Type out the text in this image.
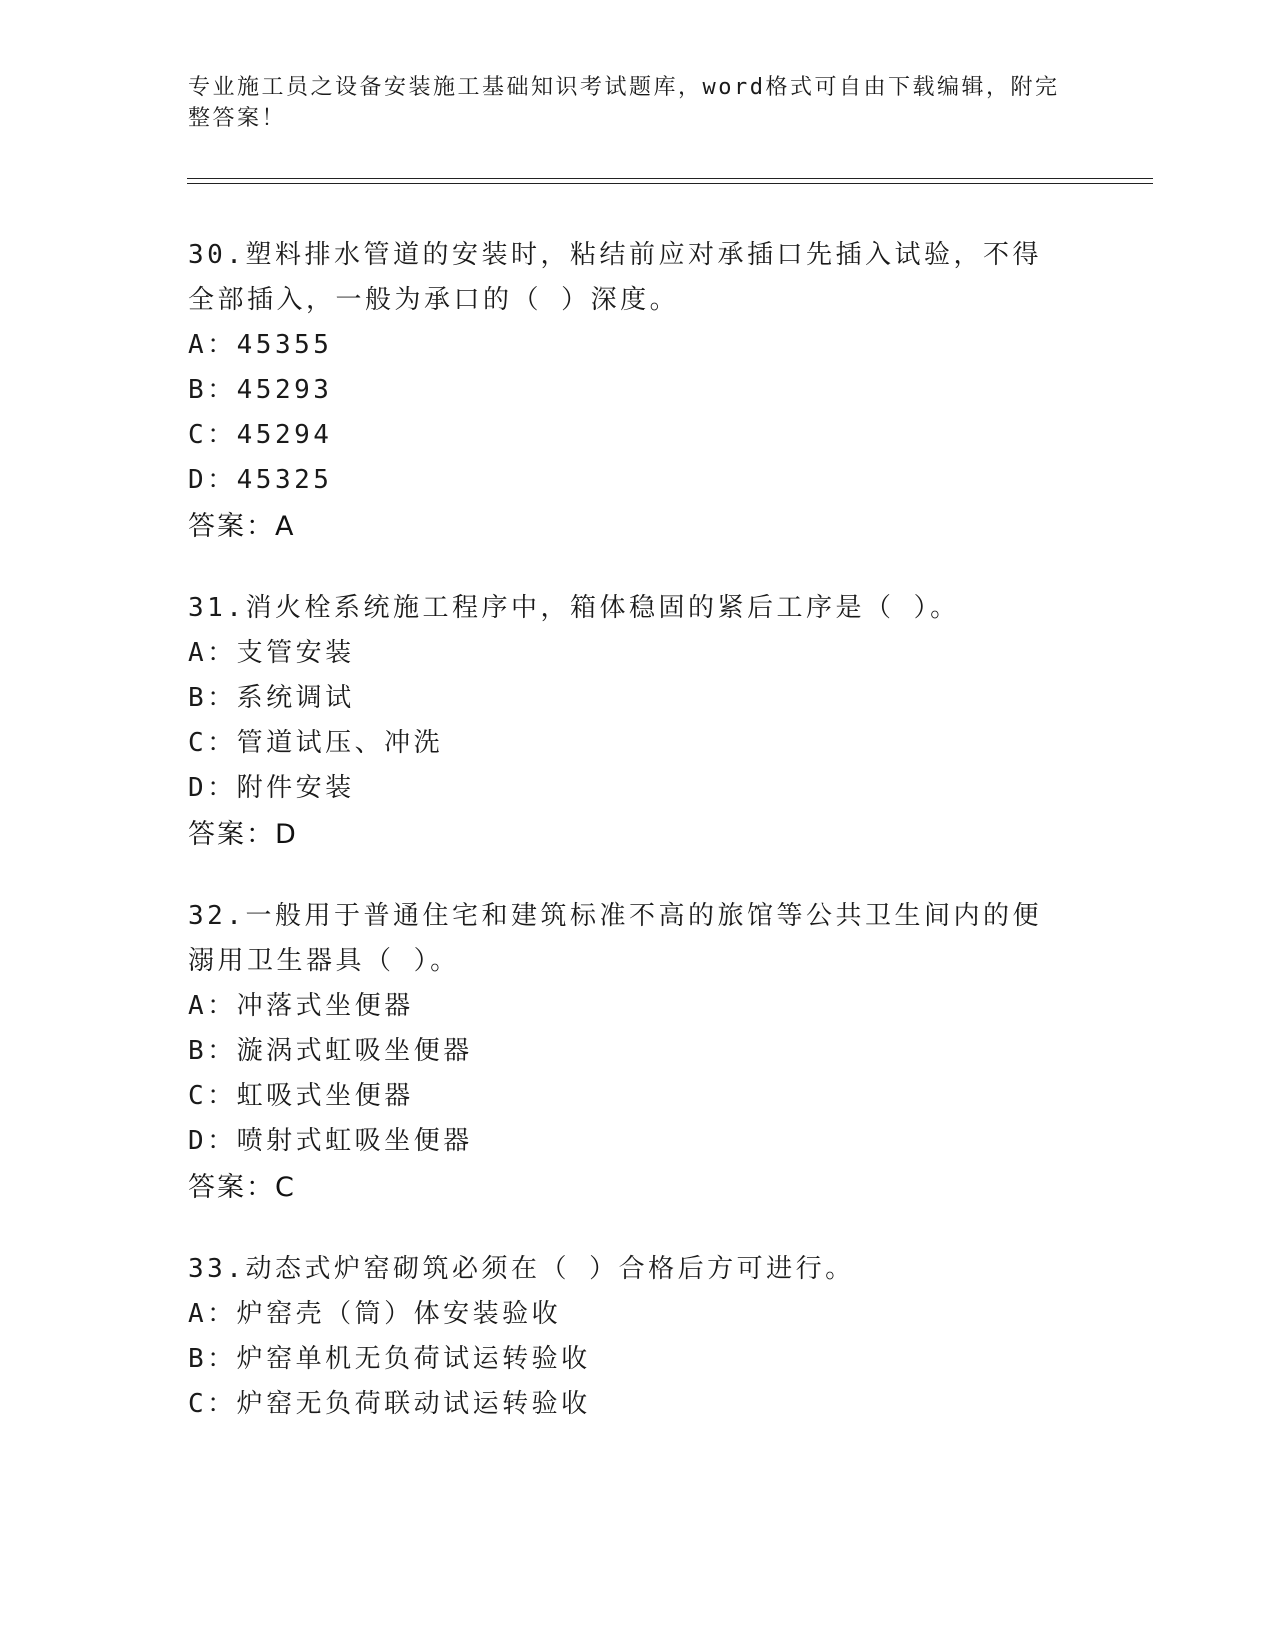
专业施工员之设备安装施工基础知识考试题库，word格式可自由下载编辑，附完整答案！

30.塑料排水管道的安装时，粘结前应对承插口先插入试验，不得全部插入，一般为承口的（ ）深度。

A：45355

B：45293

C：45294

D：45325

答案：A

31.消火栓系统施工程序中，箱体稳固的紧后工序是（ ）。

A：支管安装

B：系统调试

C：管道试压、冲洗

D：附件安装

答案：D

32.一般用于普通住宅和建筑标准不高的旅馆等公共卫生间内的便溺用卫生器具（ ）。

A：冲落式坐便器

B：漩涡式虹吸坐便器

C：虹吸式坐便器

D：喷射式虹吸坐便器

答案：C

33.动态式炉窑砌筑必须在（ ）合格后方可进行。

A：炉窑壳（筒）体安装验收

B：炉窑单机无负荷试运转验收

C：炉窑无负荷联动试运转验收
